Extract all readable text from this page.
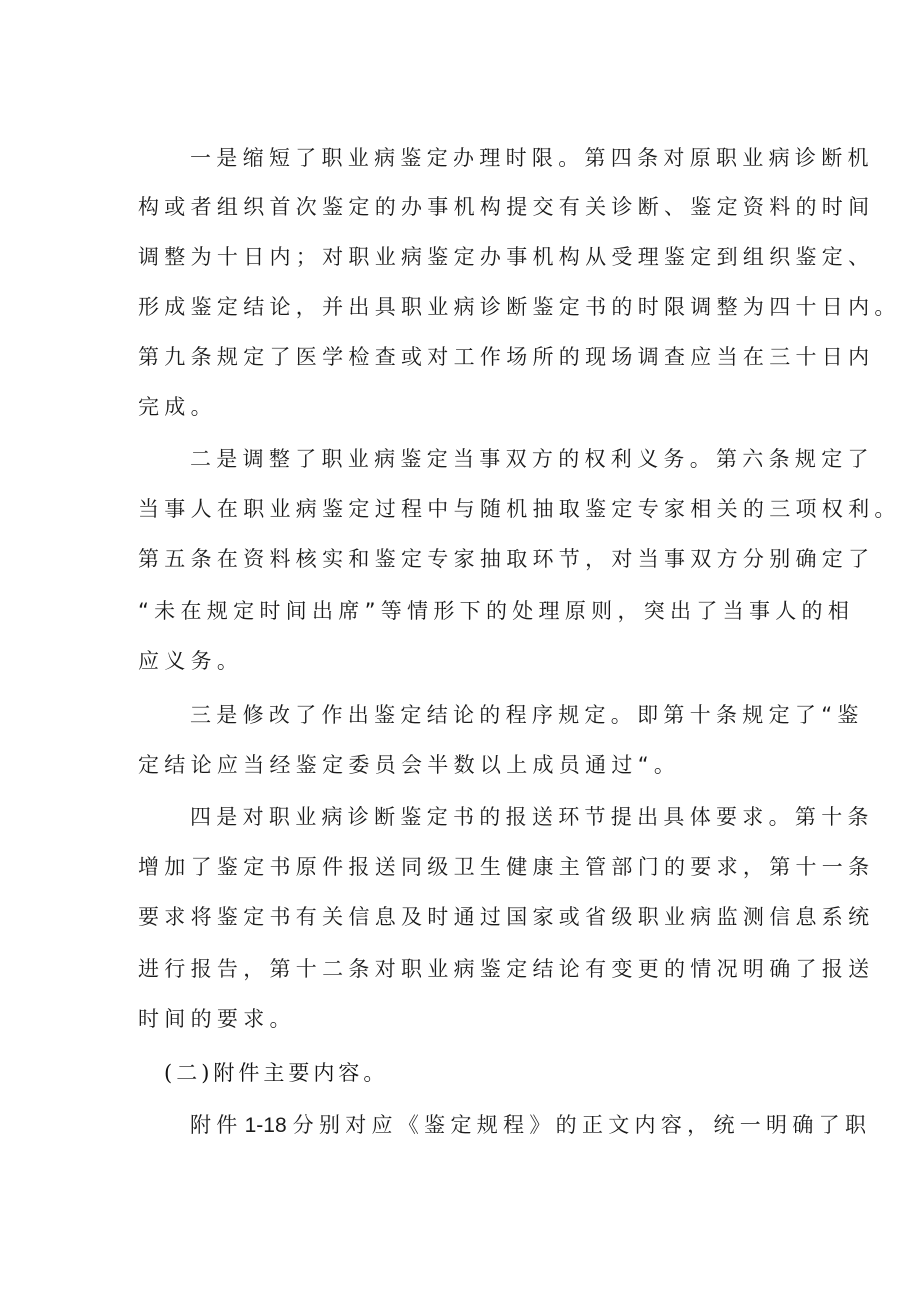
一是缩短了职业病鉴定办理时限。第四条对原职业病诊断机
构或者组织首次鉴定的办事机构提交有关诊断、鉴定资料的时间
调整为十日内；对职业病鉴定办事机构从受理鉴定到组织鉴定、
形成鉴定结论，并出具职业病诊断鉴定书的时限调整为四十日内。
第九条规定了医学检查或对工作场所的现场调查应当在三十日内
完成。
二是调整了职业病鉴定当事双方的权利义务。第六条规定了
当事人在职业病鉴定过程中与随机抽取鉴定专家相关的三项权利。
第五条在资料核实和鉴定专家抽取环节，对当事双方分别确定了
“未在规定时间出席”等情形下的处理原则，突出了当事人的相
应义务。
三是修改了作出鉴定结论的程序规定。即第十条规定了“鉴
定结论应当经鉴定委员会半数以上成员通过“。
四是对职业病诊断鉴定书的报送环节提出具体要求。第十条
增加了鉴定书原件报送同级卫生健康主管部门的要求，第十一条
要求将鉴定书有关信息及时通过国家或省级职业病监测信息系统
进行报告，第十二条对职业病鉴定结论有变更的情况明确了报送
时间的要求。
(二)附件主要内容。
附件1-18 分别对应《鉴定规程》的正文内容，统一明确了职
